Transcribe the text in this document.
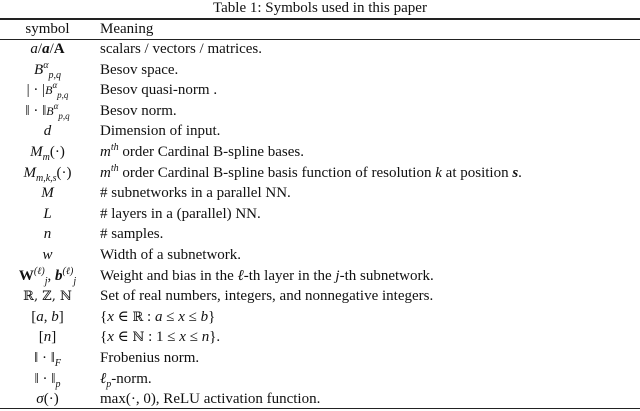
Table 1: Symbols used in this paper
symbol	Meaning
a/a/A	scalars / vectors / matrices.
$B^\alpha_{p,q}$	Besov space.
| · $|B^\alpha_{p,q}$	Besov quasi-norm .
‖ · $‖B^\alpha_{p,q}$	Besov norm.
d	Dimension of input.
$M_m(\cdot)$	$m^{th}$ order Cardinal B-spline bases.
$M_{m,k,s}(\cdot)$	$m^{th}$ order Cardinal B-spline basis function of resolution k at position s.
M	# subnetworks in a parallel NN.
L	# layers in a (parallel) NN.
n	# samples.
w	Width of a subnetwork.
$W^{(\ell)}_j$, $b^{(\ell)}_j$	Weight and bias in the ℓ-th layer in the j-th subnetwork.
ℝ, ℤ, ℕ	Set of real numbers, integers, and nonnegative integers.
[a, b]	{x ∈ ℝ : a ≤ x ≤ b}
[n]	{x ∈ ℕ : 1 ≤ x ≤ n}.
‖ · $‖_F$	Frobenius norm.
‖ · $‖_p$	ℓ$_p$-norm.
σ(·)	max(·, 0), ReLU activation function.
